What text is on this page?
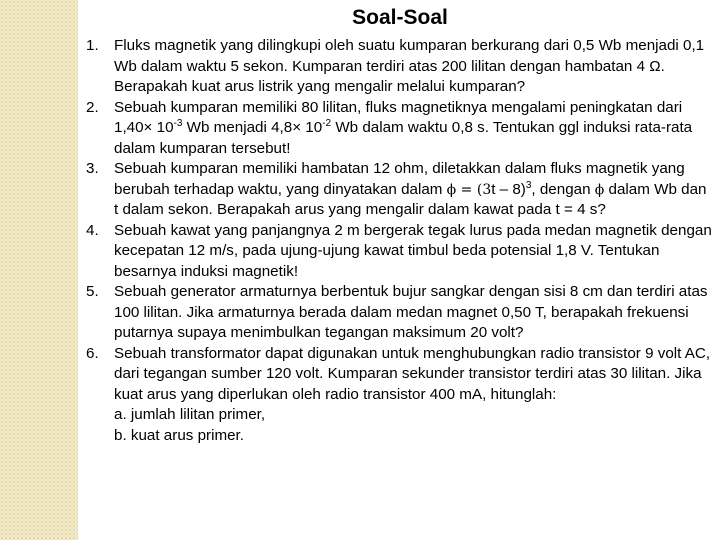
Soal-Soal
1. Fluks magnetik yang dilingkupi oleh suatu kumparan berkurang dari 0,5 Wb menjadi 0,1 Wb dalam waktu 5 sekon. Kumparan terdiri atas 200 lilitan dengan hambatan 4 Ω. Berapakah kuat arus listrik yang mengalir melalui kumparan?
2. Sebuah kumparan memiliki 80 lilitan, fluks magnetiknya mengalami peningkatan dari $1,40\times 10^{-3}$ Wb menjadi $4,8\times 10^{-2}$ Wb dalam waktu 0,8 s. Tentukan ggl induksi rata-rata dalam kumparan tersebut!
3. Sebuah kumparan memiliki hambatan 12 ohm, diletakkan dalam fluks magnetik yang berubah terhadap waktu, yang dinyatakan dalam ϕ = (3t – 8)$^3$, dengan ϕ dalam Wb dan t dalam sekon. Berapakah arus yang mengalir dalam kawat pada t = 4 s?
4. Sebuah kawat yang panjangnya 2 m bergerak tegak lurus pada medan magnetik dengan kecepatan 12 m/s, pada ujung-ujung kawat timbul beda potensial 1,8 V. Tentukan besarnya induksi magnetik!
5. Sebuah generator armaturnya berbentuk bujur sangkar dengan sisi 8 cm dan terdiri atas 100 lilitan. Jika armaturnya berada dalam medan magnet 0,50 T, berapakah frekuensi putarnya supaya menimbulkan tegangan maksimum 20 volt?
6. Sebuah transformator dapat digunakan untuk menghubungkan radio transistor 9 volt AC, dari tegangan sumber 120 volt. Kumparan sekunder transistor terdiri atas 30 lilitan. Jika kuat arus yang diperlukan oleh radio transistor 400 mA, hitunglah:
a. jumlah lilitan primer,
b. kuat arus primer.
